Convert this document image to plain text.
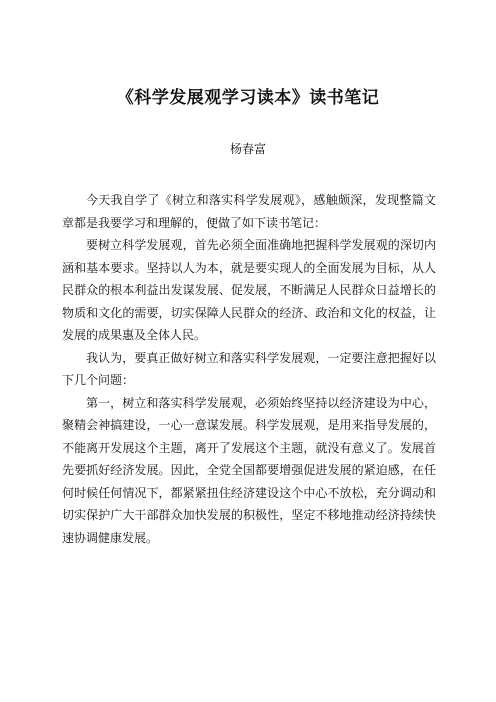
《科学发展观学习读本》读书笔记
杨春富

今天我自学了《树立和落实科学发展观》，感触颇深，发现整篇文章都是我要学习和理解的，便做了如下读书笔记：

要树立科学发展观，首先必须全面准确地把握科学发展观的深切内涵和基本要求。坚持以人为本，就是要实现人的全面发展为目标，从人民群众的根本利益出发谋发展、促发展，不断满足人民群众日益增长的物质和文化的需要，切实保障人民群众的经济、政治和文化的权益，让发展的成果惠及全体人民。

我认为，要真正做好树立和落实科学发展观，一定要注意把握好以下几个问题：

第一，树立和落实科学发展观，必须始终坚持以经济建设为中心，聚精会神搞建设，一心一意谋发展。科学发展观，是用来指导发展的，不能离开发展这个主题，离开了发展这个主题，就没有意义了。发展首先要抓好经济发展。因此，全党全国都要增强促进发展的紧迫感，在任何时候任何情况下，都紧紧扭住经济建设这个中心不放松，充分调动和切实保护广大干部群众加快发展的积极性，坚定不移地推动经济持续快速协调健康发展。
